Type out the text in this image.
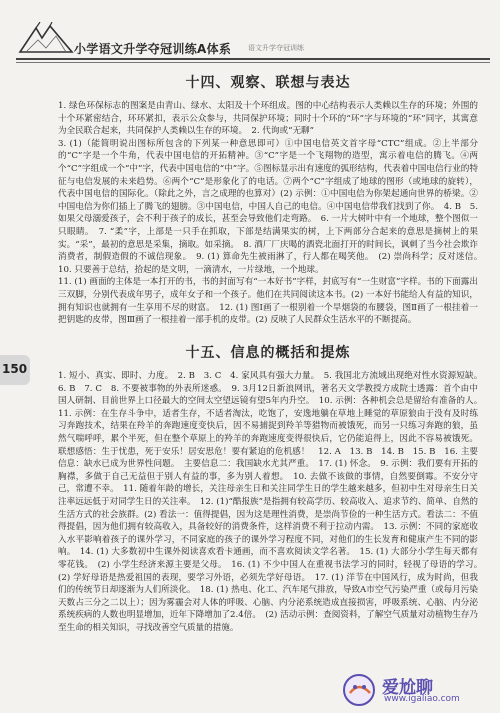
小学语文升学夺冠训练A体系 语文升学夺冠训练
150
十四、观察、联想与表达

1. 绿色环保标志的图案是由青山、绿水、太阳及十个环组成。图的中心结构表示人类赖以生存的环境；外围的十个环紧密结合，环环紧扣，表示公众参与，共同保护环境；同时十个环的“环”字与环境的“环”同字，其寓意为全民联合起来，共同保护人类赖以生存的环境。　2. 代询或“无聊”

3. (1)（能简明说出图标所包含的下列某一种意思即可）①中国电信英文首字母“CTC”组成。②上半部分的“C”字是一个牛角，代表中国电信的开拓精神。③“C”字是一个飞翔物的造型，寓示着电信的腾飞。④两个“C”字组成一个“中”字，代表中国电信的“中”字。⑤图标显示出有速度的弧形结构，代表着中国电信行业的特征与电信发展的未来趋势。⑥两个“C”是形象化了的电话。⑦两个“C”字组成了地球的图形（或地球的旋转），代表中国电信的国际化。（除此之外，言之成理的也算对）(2) 示例：①中国电信为你架起通向世界的桥梁。②中国电信为你们插上了腾飞的翅膀。③中国电信，中国人自己的电信。④中国电信带我们找到了你。　4. B　5. 如果父母溺爱孩子，会不利于孩子的成长，甚至会导致他们走弯路。　6. 一片大树叶中有一个地球，整个图似一只眼睛。　7. “柔”字，上部是一只手在抓取，下部是结满果实的树，上下两部分合起来的意思是摘树上的果实。“采”，最初的意思是采集，摘取。如采摘。　8. 酒厂厂庆喝的酒瓷北面打开的时间长，讽刺了当今社会欺诈消费者，制假造假的不诚信现象。　9. (1) 算命先生被雨淋了，行人都在喝笑他。　(2) 崇尚科学；反对迷信。　10. 只要善于总结，拾起的是文明，一滴清水，一片绿地，一个地球。

11. (1) 画面的主体是一本打开的书，书的封面写有“一本好书”字样，封底写有“一生财富”字样。书的下面露出三双脚，分别代表成年男子，成年女子和一个孩子。他们在共同阅读这本书。(2) 一本好书能给人有益的知识，拥有知识也就拥有一生享用不尽的财富。　12. (1) 图Ⅰ画了一根别着一个旱烟袋的布腰袋，图Ⅱ画了一根挂着一把钥匙的皮带，图Ⅲ画了一根挂着一部手机的皮带。(2) 反映了人民群众生活水平的不断提高。

十五、信息的概括和提炼

1. 短小、真实、即时、力度。　2. B　3. C　4. 家风具有强大力量。　5. 我国北方流域出现绝对性水资源短缺。　6. B　7. C　8. 不要被事物的外表所迷惑。　9. 3月12日新浪网讯，著名天文学教授方成院士透露：首个由中国人研制、目前世界上口径最大的空间太空望远镜有望5年内升空。　10. 示例：各种机会总是留给有准备的人。　11. 示例：在生存斗争中，适者生存，不适者淘汰，吃饱了，安逸地躺在草地上睡觉的草原狼由于没有及时练习奔跑技术，结果在羚羊的奔跑速度变快后，因不易捕捉到羚羊等猎物而被饿死，而另一只练习奔跑的狼，虽然气喘呼呼，累个半死，但在整个草原上的羚羊的奔跑速度变得很快后，它仍能追得上，因此不容易被饿死。联想感悟：生于忧患，死于安乐！居安思危！要有紧迫的危机感！　12. A　13. B　14. B　15. B　16. 主要信息：缺水已成为世界性问题。　主要信息二：我国缺水尤其严重。　17. (1) 怀念。　9. 示例：我们要有开拓的胸襟，多做于自己无益但于别人有益的事，多为别人着想。　10. 去做不该做的事情，自然要倒霉。不安分守己，常遭不幸。　11. 随着年龄的增长，关注母亲生日和关注同学生日的学生越来越多，但初中生对母亲生日关注率远远低于对同学生日的关注率。　12. (1)“酷报族”是指拥有较高学历、较高收入、追求节约、简单、自然的生活方式的社会族群。(2) 看法一：值得提倡，因为这是理性消费，是崇尚节俭的一种生活方式。看法二：不值得提倡，因为他们拥有较高收入，具备较好的消费条件，这样消费不利于拉动内需。　13. 示例：不同的家庭收入水平影响着孩子的课外学习，不同家庭的孩子的课外学习程度不同，对他们的生长发育和健康产生不同的影响。　14. (1) 大多数初中生课外阅读喜欢看卡通画，而不喜欢阅读文学名著。　15. (1) 大部分小学生每天都有零花钱。　(2) 小学生经济来源主要是父母。　16. (1) 不少中国人在重视书法学习的同时，轻视了母语的学习。　(2) 学好母语是热爱祖国的表现，要学习外语，必须先学好母语。　17. (1) 洋节在中国风行，成为时尚，但我们的传统节日却逐渐为人们所淡化。　18. (1) 热电、化工、汽车尾气排放，导致A市空气污染严重（或每月污染天数占三分之二以上）；因为雾霾会对人体的呼吸、心脑、内分泌系统造成直接损害，呼吸系统、心脑、内分泌系统疾病的人数也明显增加，近年下降增加了2.4倍。　(2) 活动示例：查阅资料，了解空气质量对动植物生存乃至生命的相关知识，寻找改善空气质量的措施。

爱尬聊
www.igaliao.com
